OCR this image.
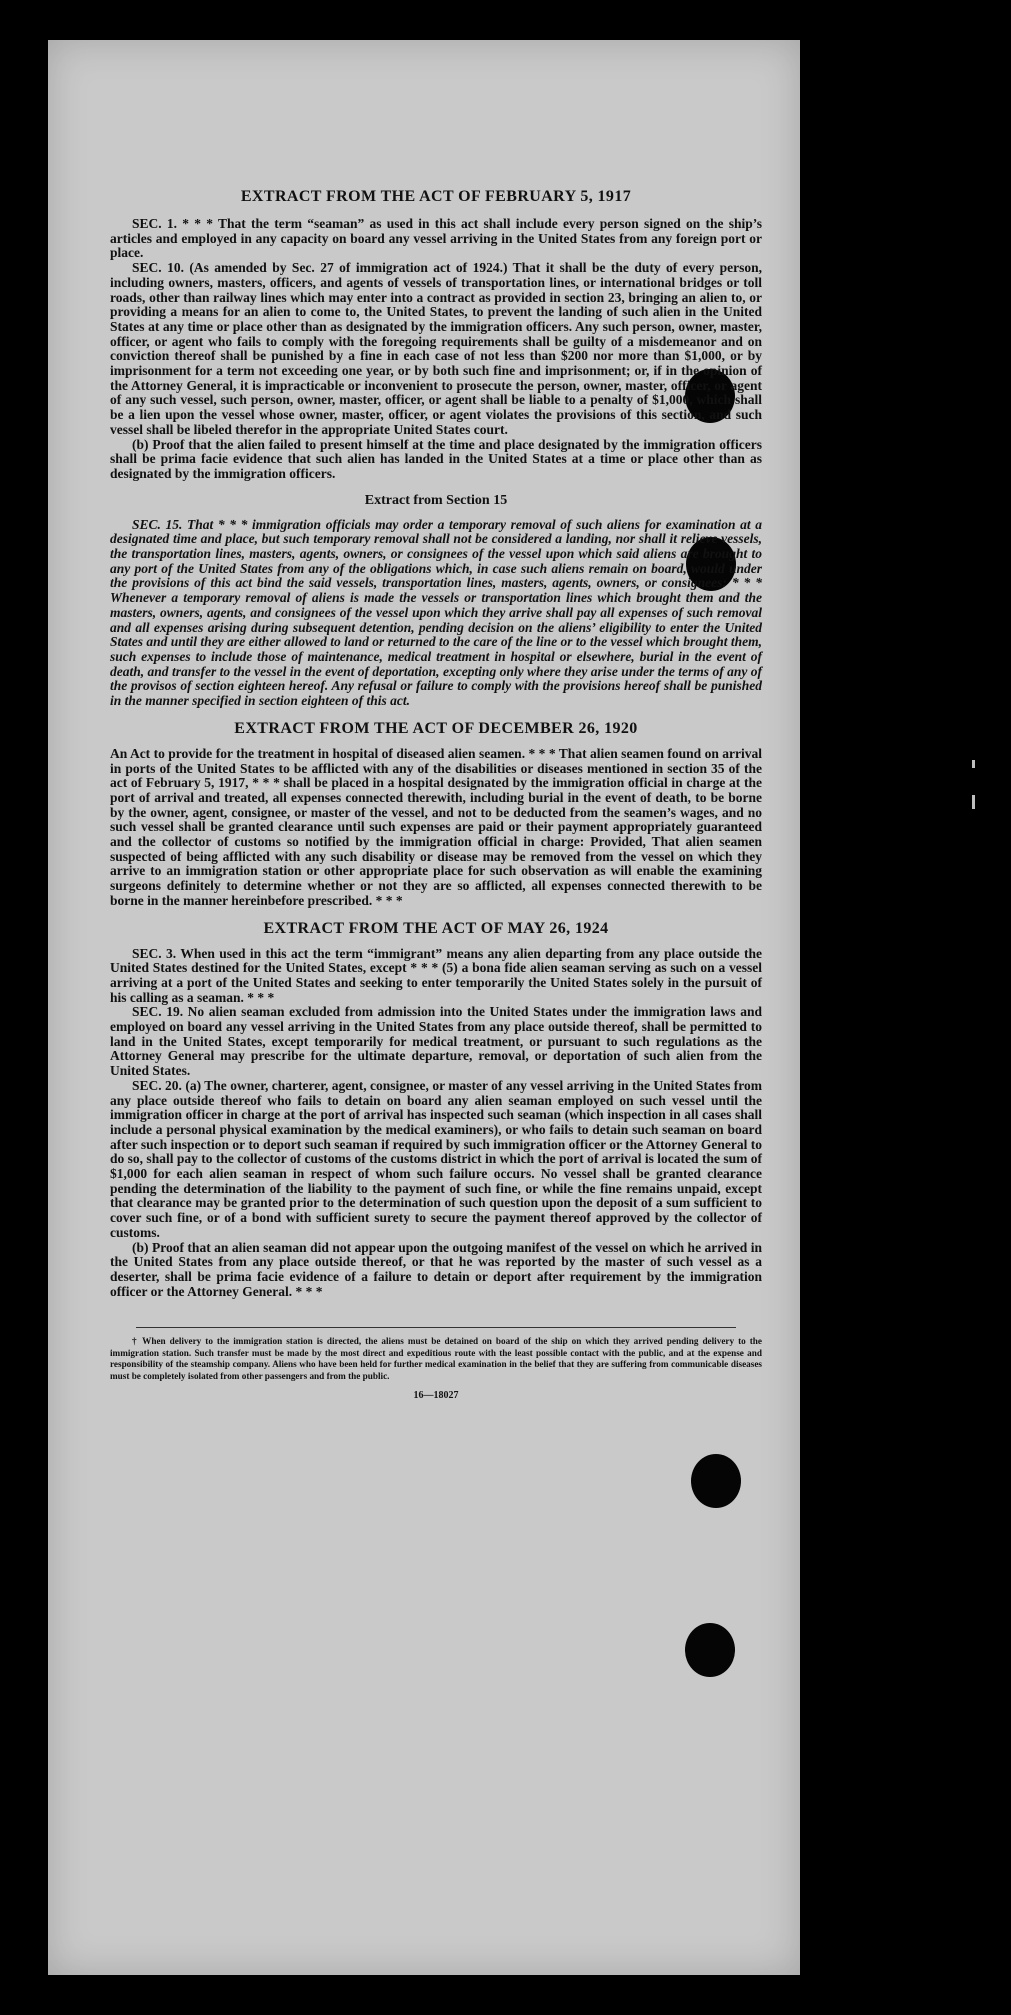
EXTRACT FROM THE ACT OF FEBRUARY 5, 1917

SEC. 1. * * * That the term “seaman” as used in this act shall include every person signed on the ship’s articles and employed in any capacity on board any vessel arriving in the United States from any foreign port or place.

SEC. 10. (As amended by Sec. 27 of immigration act of 1924.) That it shall be the duty of every person, including owners, masters, officers, and agents of vessels of transportation lines, or international bridges or toll roads, other than railway lines which may enter into a contract as provided in section 23, bringing an alien to, or providing a means for an alien to come to, the United States, to prevent the landing of such alien in the United States at any time or place other than as designated by the immigration officers. Any such person, owner, master, officer, or agent who fails to comply with the foregoing requirements shall be guilty of a misdemeanor and on conviction thereof shall be punished by a fine in each case of not less than $200 nor more than $1,000, or by imprisonment for a term not exceeding one year, or by both such fine and imprisonment; or, if in the opinion of the Attorney General, it is impracticable or inconvenient to prosecute the person, owner, master, officer, or agent of any such vessel, such person, owner, master, officer, or agent shall be liable to a penalty of $1,000, which shall be a lien upon the vessel whose owner, master, officer, or agent violates the provisions of this section, and such vessel shall be libeled therefor in the appropriate United States court.

(b) Proof that the alien failed to present himself at the time and place designated by the immigration officers shall be prima facie evidence that such alien has landed in the United States at a time or place other than as designated by the immigration officers.

Extract from Section 15

SEC. 15. That * * * immigration officials may order a temporary removal of such aliens for examination at a designated time and place, but such temporary removal shall not be considered a landing, nor shall it relieve vessels, the transportation lines, masters, agents, owners, or consignees of the vessel upon which said aliens are brought to any port of the United States from any of the obligations which, in case such aliens remain on board, would under the provisions of this act bind the said vessels, transportation lines, masters, agents, owners, or consignees: * * * Whenever a temporary removal of aliens is made the vessels or transportation lines which brought them and the masters, owners, agents, and consignees of the vessel upon which they arrive shall pay all expenses of such removal and all expenses arising during subsequent detention, pending decision on the aliens’ eligibility to enter the United States and until they are either allowed to land or returned to the care of the line or to the vessel which brought them, such expenses to include those of maintenance, medical treatment in hospital or elsewhere, burial in the event of death, and transfer to the vessel in the event of deportation, excepting only where they arise under the terms of any of the provisos of section eighteen hereof. Any refusal or failure to comply with the provisions hereof shall be punished in the manner specified in section eighteen of this act.

EXTRACT FROM THE ACT OF DECEMBER 26, 1920

An Act to provide for the treatment in hospital of diseased alien seamen. * * * That alien seamen found on arrival in ports of the United States to be afflicted with any of the disabilities or diseases mentioned in section 35 of the act of February 5, 1917, * * * shall be placed in a hospital designated by the immigration official in charge at the port of arrival and treated, all expenses connected therewith, including burial in the event of death, to be borne by the owner, agent, consignee, or master of the vessel, and not to be deducted from the seamen’s wages, and no such vessel shall be granted clearance until such expenses are paid or their payment appropriately guaranteed and the collector of customs so notified by the immigration official in charge: Provided, That alien seamen suspected of being afflicted with any such disability or disease may be removed from the vessel on which they arrive to an immigration station or other appropriate place for such observation as will enable the examining surgeons definitely to determine whether or not they are so afflicted, all expenses connected therewith to be borne in the manner hereinbefore prescribed. * * *

EXTRACT FROM THE ACT OF MAY 26, 1924

SEC. 3. When used in this act the term “immigrant” means any alien departing from any place outside the United States destined for the United States, except * * * (5) a bona fide alien seaman serving as such on a vessel arriving at a port of the United States and seeking to enter temporarily the United States solely in the pursuit of his calling as a seaman. * * *

SEC. 19. No alien seaman excluded from admission into the United States under the immigration laws and employed on board any vessel arriving in the United States from any place outside thereof, shall be permitted to land in the United States, except temporarily for medical treatment, or pursuant to such regulations as the Attorney General may prescribe for the ultimate departure, removal, or deportation of such alien from the United States.

SEC. 20. (a) The owner, charterer, agent, consignee, or master of any vessel arriving in the United States from any place outside thereof who fails to detain on board any alien seaman employed on such vessel until the immigration officer in charge at the port of arrival has inspected such seaman (which inspection in all cases shall include a personal physical examination by the medical examiners), or who fails to detain such seaman on board after such inspection or to deport such seaman if required by such immigration officer or the Attorney General to do so, shall pay to the collector of customs of the customs district in which the port of arrival is located the sum of $1,000 for each alien seaman in respect of whom such failure occurs. No vessel shall be granted clearance pending the determination of the liability to the payment of such fine, or while the fine remains unpaid, except that clearance may be granted prior to the determination of such question upon the deposit of a sum sufficient to cover such fine, or of a bond with sufficient surety to secure the payment thereof approved by the collector of customs.

(b) Proof that an alien seaman did not appear upon the outgoing manifest of the vessel on which he arrived in the United States from any place outside thereof, or that he was reported by the master of such vessel as a deserter, shall be prima facie evidence of a failure to detain or deport after requirement by the immigration officer or the Attorney General. * * *

† When delivery to the immigration station is directed, the aliens must be detained on board of the ship on which they arrived pending delivery to the immigration station. Such transfer must be made by the most direct and expeditious route with the least possible contact with the public, and at the expense and responsibility of the steamship company. Aliens who have been held for further medical examination in the belief that they are suffering from communicable diseases must be completely isolated from other passengers and from the public.

16—18027
